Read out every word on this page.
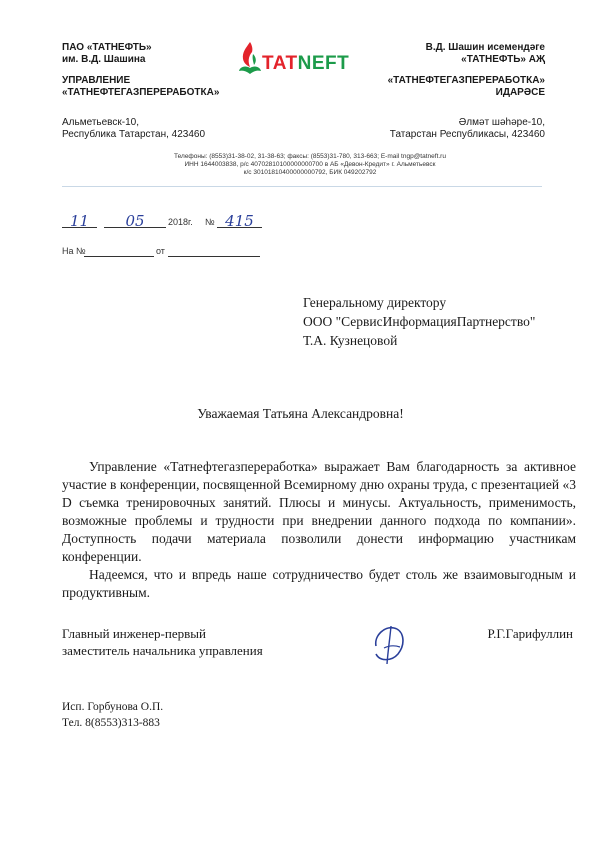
ПАО «ТАТНЕФТЬ»
им. В.Д. Шашина
УПРАВЛЕНИЕ
«ТАТНЕФТЕГАЗПЕРЕРАБОТКА»
Альметьевск-10,
Республика Татарстан, 423460
TATNEFT
В.Д. Шашин исемендәге
«ТАТНЕФТЬ» АҖ
«ТАТНЕФТЕГАЗПЕРЕРАБОТКА»
ИДАРӘСЕ
Әлмәт шәһәре-10,
Татарстан Республикасы, 423460
Телефоны: (8553)31-38-02, 31-38-63; факсы: (8553)31-780, 313-663; E-mail tngp@tatneft.ru
ИНН 1644003838, р/с 40702810100000000700 в АБ «Девон-Кредит» г. Альметьевск
к/с 30101810400000000792, БИК 049202792
11	05	2018г. № 415
На №	от
Генеральному директору
ООО "СервисИнформацияПартнерство"
Т.А. Кузнецовой
Уважаемая Татьяна Александровна!

Управление «Татнефтегазпереработка» выражает Вам благодарность за активное участие в конференции, посвященной Всемирному дню охраны труда, с презентацией «3 D съемка тренировочных занятий. Плюсы и минусы. Актуальность, применимость, возможные проблемы и трудности при внедрении данного подхода по компании». Доступность подачи материала позволили донести информацию участникам конференции.

Надеемся, что и впредь наше сотрудничество будет столь же взаимовыгодным и продуктивным.

Главный инженер-первый
заместитель начальника управления
Р.Г.Гарифуллин
Исп. Горбунова О.П.
Тел. 8(8553)313-883
